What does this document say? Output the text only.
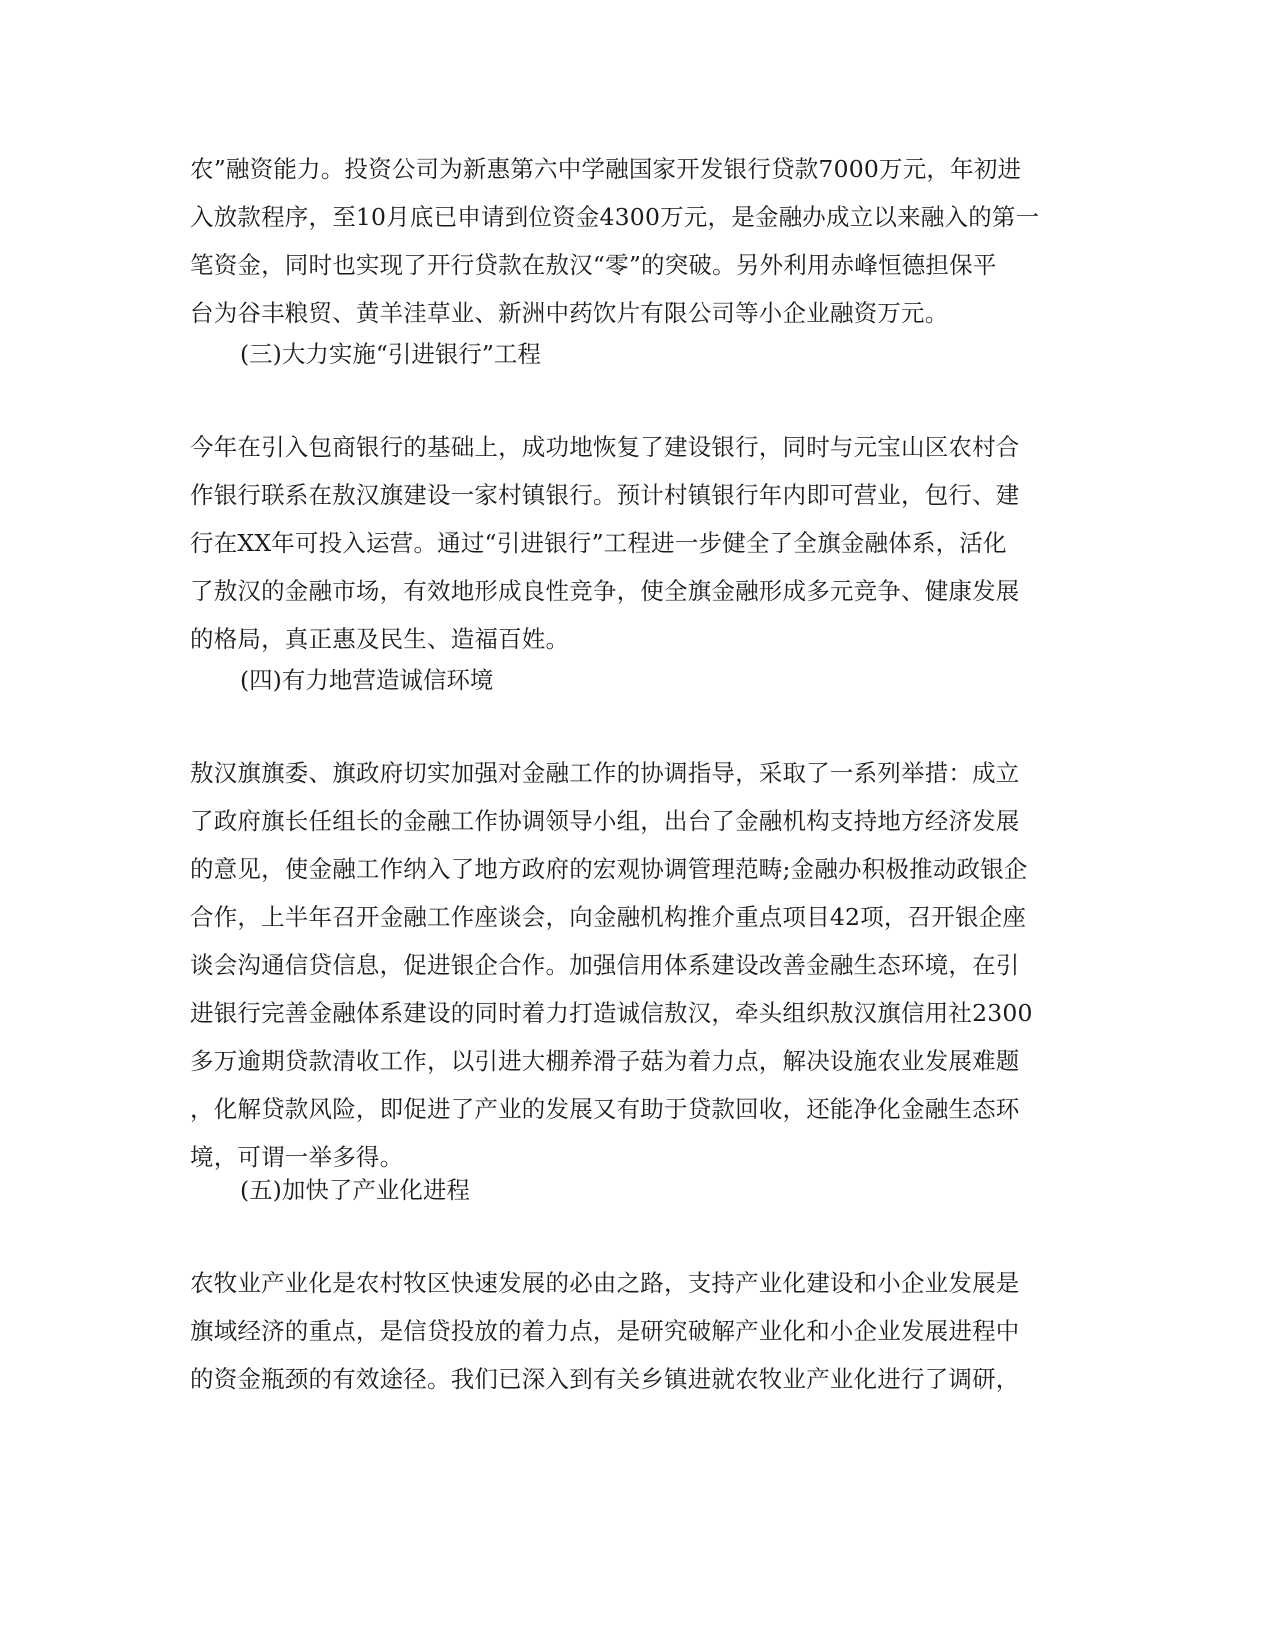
农”融资能力。投资公司为新惠第六中学融国家开发银行贷款7000万元，年初进
入放款程序，至10月底已申请到位资金4300万元，是金融办成立以来融入的第一
笔资金，同时也实现了开行贷款在敖汉“零”的突破。另外利用赤峰恒德担保平
台为谷丰粮贸、黄羊洼草业、新洲中药饮片有限公司等小企业融资万元。
(三)大力实施“引进银行”工程
今年在引入包商银行的基础上，成功地恢复了建设银行，同时与元宝山区农村合
作银行联系在敖汉旗建设一家村镇银行。预计村镇银行年内即可营业，包行、建
行在XX年可投入运营。通过“引进银行”工程进一步健全了全旗金融体系，活化
了敖汉的金融市场，有效地形成良性竞争，使全旗金融形成多元竞争、健康发展
的格局，真正惠及民生、造福百姓。
(四)有力地营造诚信环境
敖汉旗旗委、旗政府切实加强对金融工作的协调指导，采取了一系列举措：成立
了政府旗长任组长的金融工作协调领导小组，出台了金融机构支持地方经济发展
的意见，使金融工作纳入了地方政府的宏观协调管理范畴;金融办积极推动政银企
合作，上半年召开金融工作座谈会，向金融机构推介重点项目42项，召开银企座
谈会沟通信贷信息，促进银企合作。加强信用体系建设改善金融生态环境，在引
进银行完善金融体系建设的同时着力打造诚信敖汉，牵头组织敖汉旗信用社2300
多万逾期贷款清收工作，以引进大棚养滑子菇为着力点，解决设施农业发展难题
，化解贷款风险，即促进了产业的发展又有助于贷款回收，还能净化金融生态环
境，可谓一举多得。
(五)加快了产业化进程
农牧业产业化是农村牧区快速发展的必由之路，支持产业化建设和小企业发展是
旗域经济的重点，是信贷投放的着力点，是研究破解产业化和小企业发展进程中
的资金瓶颈的有效途径。我们已深入到有关乡镇进就农牧业产业化进行了调研，
